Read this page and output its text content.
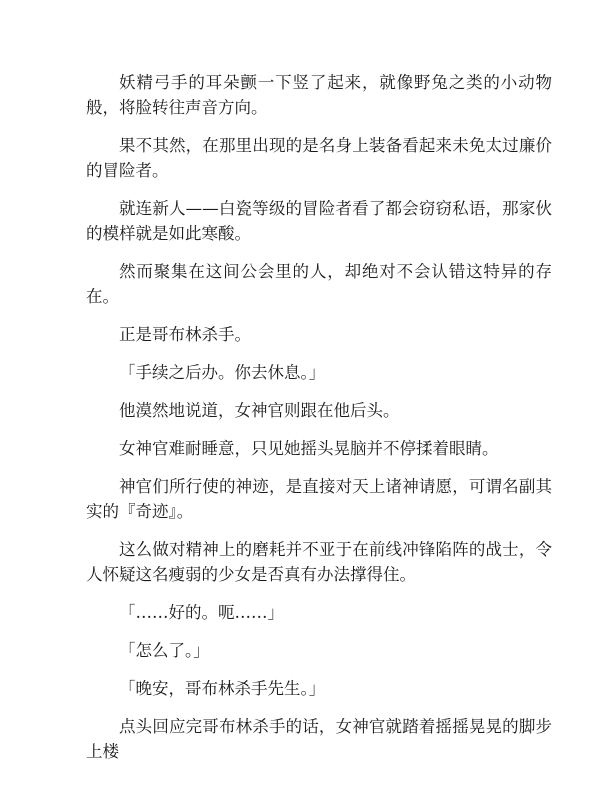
妖精弓手的耳朵颤一下竖了起来，就像野兔之类的小动物般，将脸转往声音方向。

果不其然，在那里出现的是名身上装备看起来未免太过廉价的冒险者。

就连新人——白瓷等级的冒险者看了都会窃窃私语，那家伙的模样就是如此寒酸。

然而聚集在这间公会里的人，却绝对不会认错这特异的存在。

正是哥布林杀手。

「手续之后办。你去休息。」

他漠然地说道，女神官则跟在他后头。

女神官难耐睡意，只见她摇头晃脑并不停揉着眼睛。

神官们所行使的神迹，是直接对天上诸神请愿，可谓名副其实的『奇迹』。

这么做对精神上的磨耗并不亚于在前线冲锋陷阵的战士，令人怀疑这名瘦弱的少女是否真有办法撑得住。

「……好的。呃……」

「怎么了。」

「晚安，哥布林杀手先生。」

点头回应完哥布林杀手的话，女神官就踏着摇摇晃晃的脚步上楼
